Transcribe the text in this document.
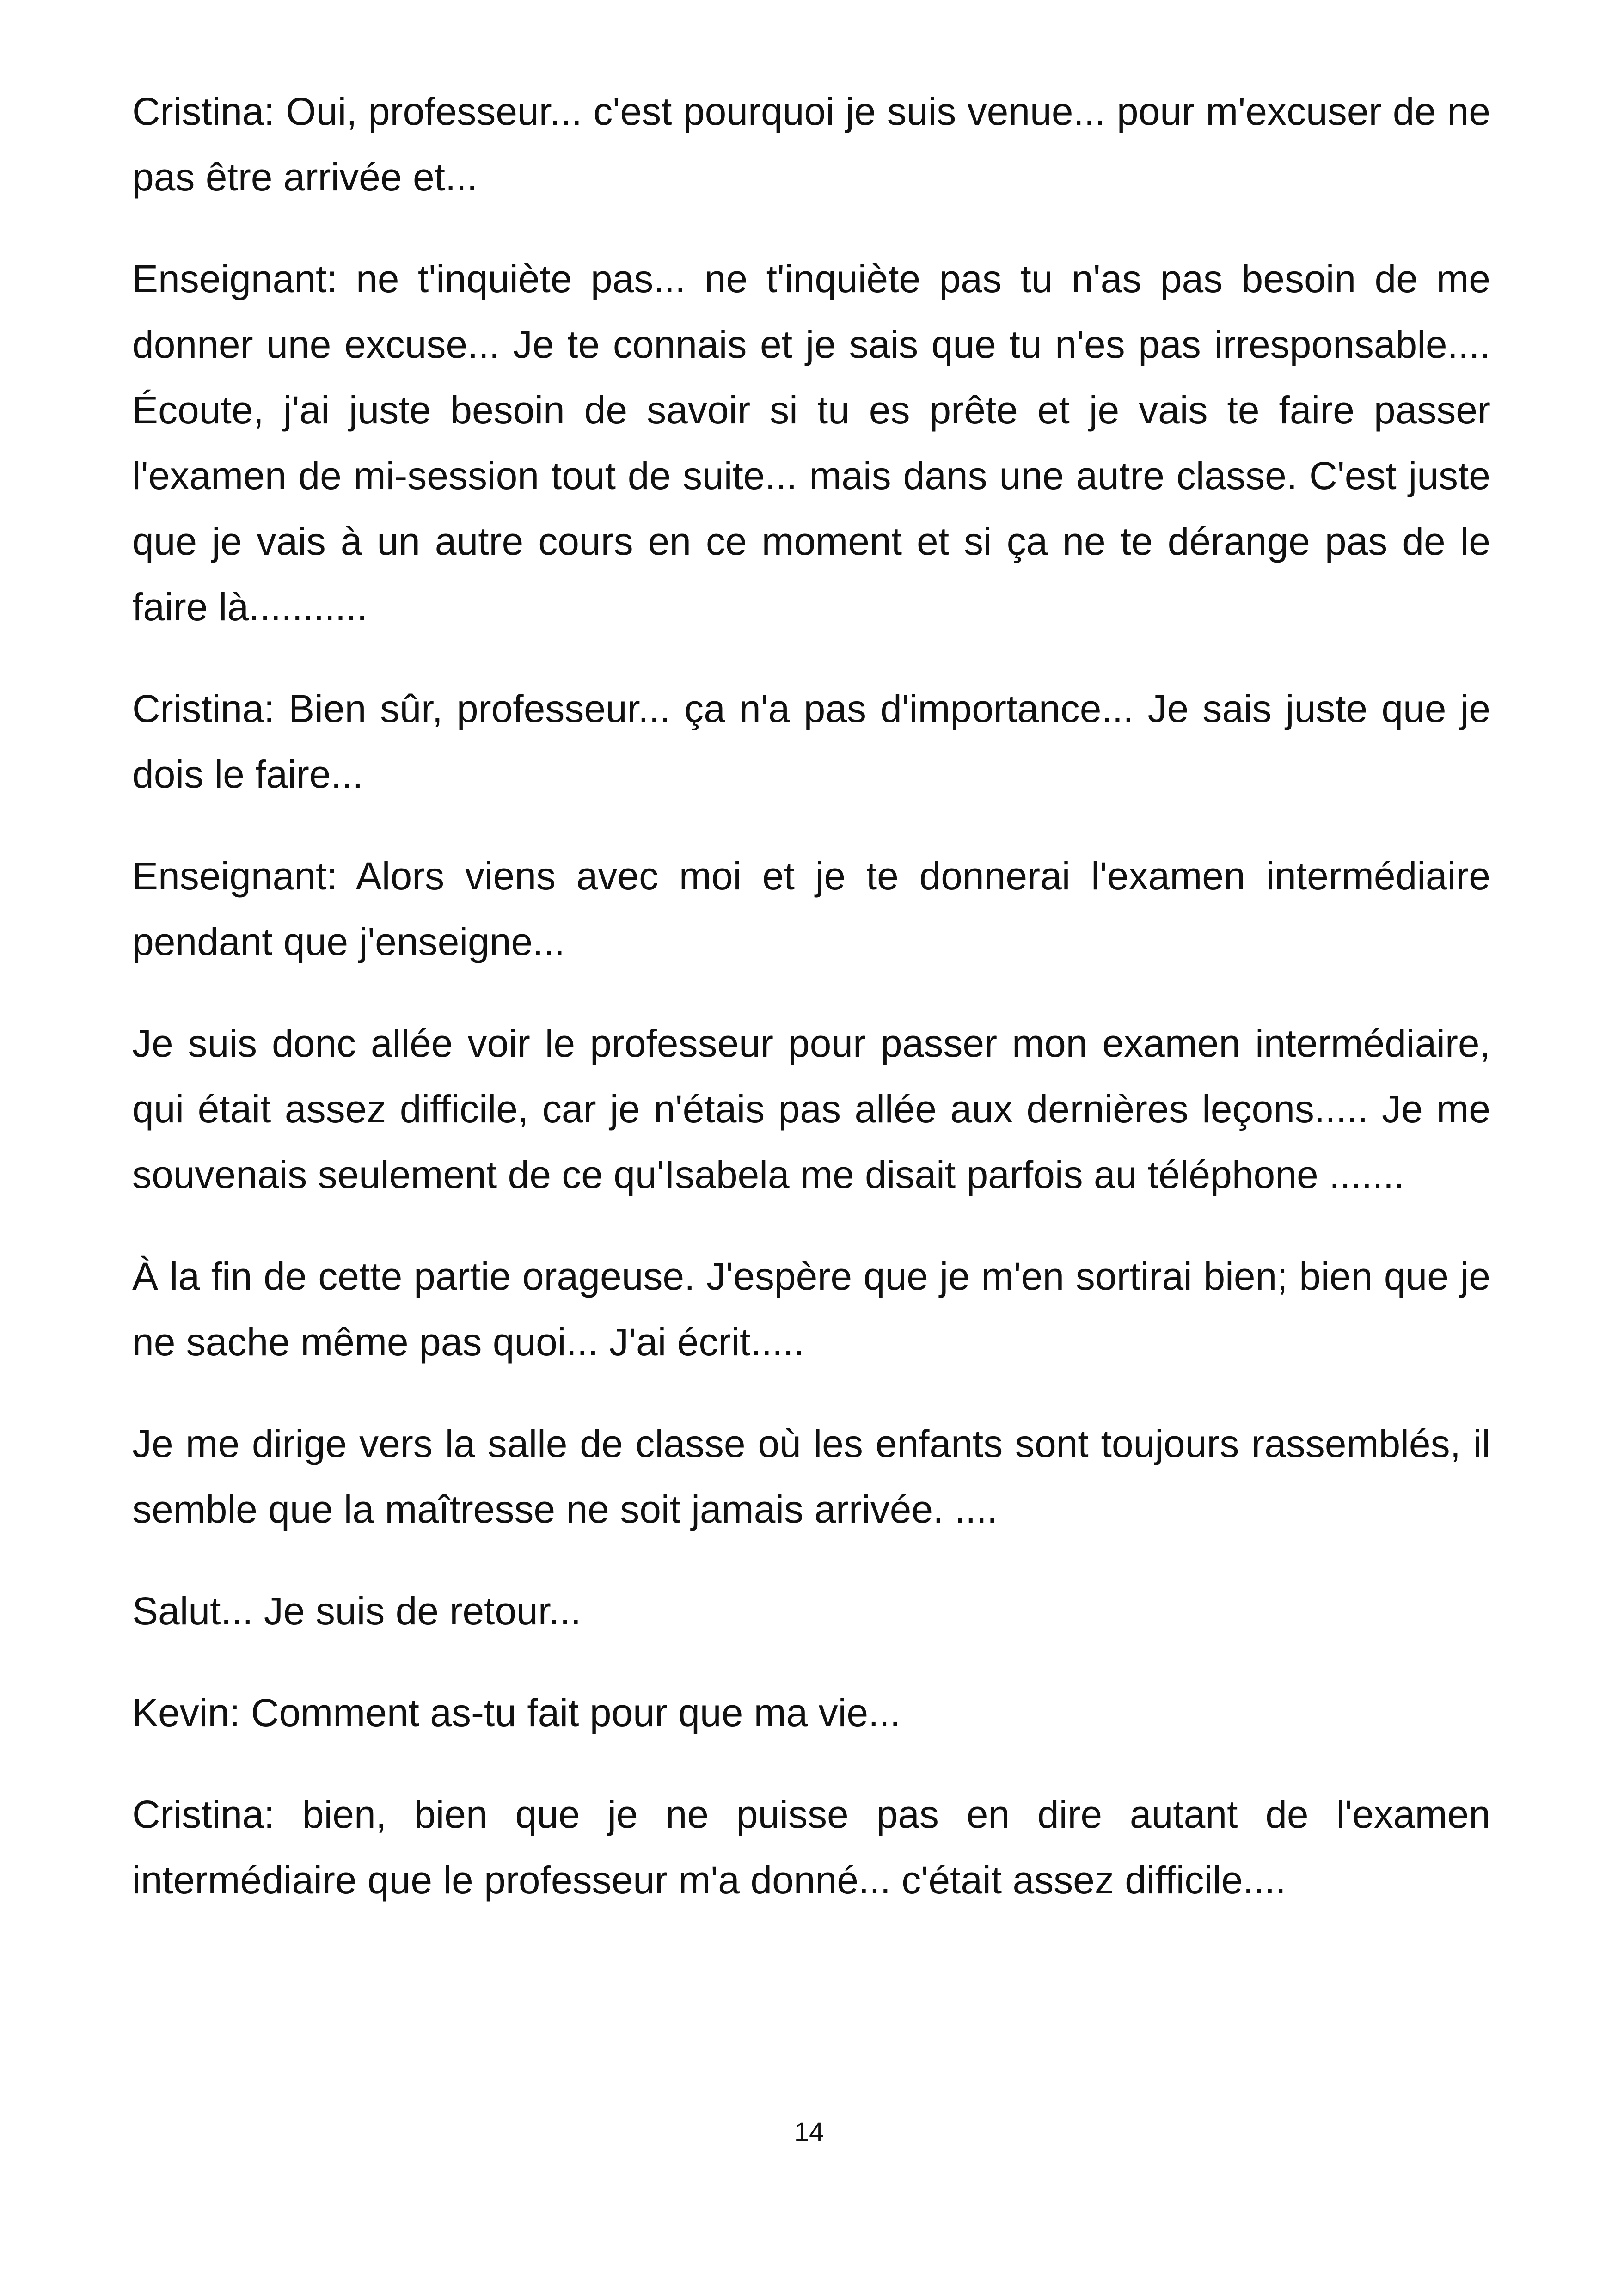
Cristina: Oui, professeur... c'est pourquoi je suis venue... pour m'excuser de ne pas être arrivée et...

Enseignant: ne t'inquiète pas... ne t'inquiète pas tu n'as pas besoin de me donner une excuse... Je te connais et je sais que tu n'es pas irresponsable.... Écoute, j'ai juste besoin de savoir si tu es prête et je vais te faire passer l'examen de mi-session tout de suite... mais dans une autre classe. C'est juste que je vais à un autre cours en ce moment et si ça ne te dérange pas de le faire là...........

Cristina: Bien sûr, professeur... ça n'a pas d'importance... Je sais juste que je dois le faire...

Enseignant: Alors viens avec moi et je te donnerai l'examen intermédiaire pendant que j'enseigne...

Je suis donc allée voir le professeur pour passer mon examen intermédiaire, qui était assez difficile, car je n'étais pas allée aux dernières leçons..... Je me souvenais seulement de ce qu'Isabela me disait parfois au téléphone .......

À la fin de cette partie orageuse. J'espère que je m'en sortirai bien; bien que je ne sache même pas quoi... J'ai écrit.....

Je me dirige vers la salle de classe où les enfants sont toujours rassemblés, il semble que la maîtresse ne soit jamais arrivée. ....

Salut... Je suis de retour...

Kevin: Comment as-tu fait pour que ma vie...

Cristina: bien, bien que je ne puisse pas en dire autant de l'examen intermédiaire que le professeur m'a donné... c'était assez difficile....

14
